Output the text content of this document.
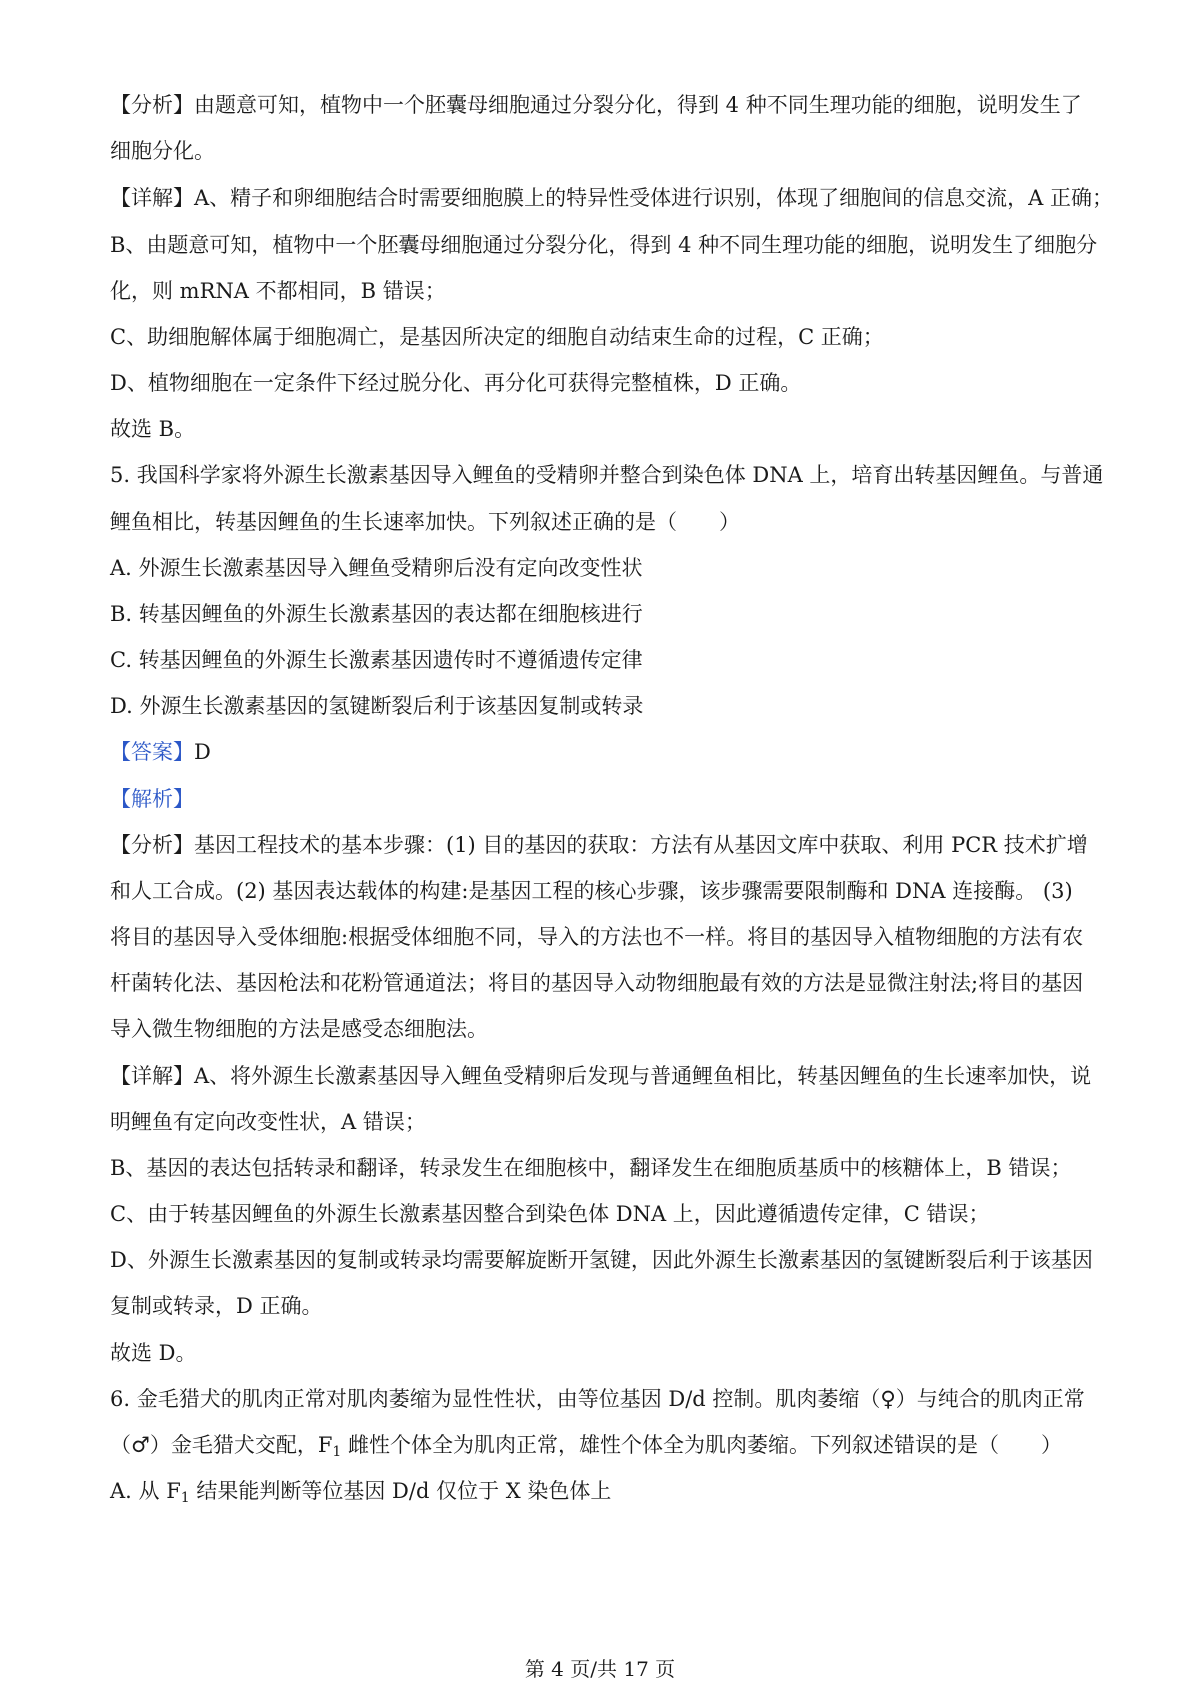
【分析】由题意可知，植物中一个胚囊母细胞通过分裂分化，得到 4 种不同生理功能的细胞，说明发生了
细胞分化。
【详解】A、精子和卵细胞结合时需要细胞膜上的特异性受体进行识别，体现了细胞间的信息交流，A 正确；
B、由题意可知，植物中一个胚囊母细胞通过分裂分化，得到 4 种不同生理功能的细胞，说明发生了细胞分
化，则 mRNA 不都相同，B 错误；
C、助细胞解体属于细胞凋亡，是基因所决定的细胞自动结束生命的过程，C 正确；
D、植物细胞在一定条件下经过脱分化、再分化可获得完整植株，D 正确。
故选 B。
5. 我国科学家将外源生长激素基因导入鲤鱼的受精卵并整合到染色体 DNA 上，培育出转基因鲤鱼。与普通
鲤鱼相比，转基因鲤鱼的生长速率加快。下列叙述正确的是（　　）
A. 外源生长激素基因导入鲤鱼受精卵后没有定向改变性状
B. 转基因鲤鱼的外源生长激素基因的表达都在细胞核进行
C. 转基因鲤鱼的外源生长激素基因遗传时不遵循遗传定律
D. 外源生长激素基因的氢键断裂后利于该基因复制或转录
【答案】D
【解析】
【分析】基因工程技术的基本步骤：(1) 目的基因的获取：方法有从基因文库中获取、利用 PCR 技术扩增
和人工合成。(2) 基因表达载体的构建:是基因工程的核心步骤，该步骤需要限制酶和 DNA 连接酶。 (3)
将目的基因导入受体细胞:根据受体细胞不同，导入的方法也不一样。将目的基因导入植物细胞的方法有农
杆菌转化法、基因枪法和花粉管通道法；将目的基因导入动物细胞最有效的方法是显微注射法;将目的基因
导入微生物细胞的方法是感受态细胞法。
【详解】A、将外源生长激素基因导入鲤鱼受精卵后发现与普通鲤鱼相比，转基因鲤鱼的生长速率加快，说
明鲤鱼有定向改变性状，A 错误；
B、基因的表达包括转录和翻译，转录发生在细胞核中，翻译发生在细胞质基质中的核糖体上，B 错误；
C、由于转基因鲤鱼的外源生长激素基因整合到染色体 DNA 上，因此遵循遗传定律，C 错误；
D、外源生长激素基因的复制或转录均需要解旋断开氢键，因此外源生长激素基因的氢键断裂后利于该基因
复制或转录，D 正确。
故选 D。
6. 金毛猎犬的肌肉正常对肌肉萎缩为显性性状，由等位基因 D/d 控制。肌肉萎缩（♀）与纯合的肌肉正常
（♂）金毛猎犬交配，$F_1$ 雌性个体全为肌肉正常，雄性个体全为肌肉萎缩。下列叙述错误的是（　　）
A. 从 $F_1$ 结果能判断等位基因 D/d 仅位于 X 染色体上
第 4 页/共 17 页
